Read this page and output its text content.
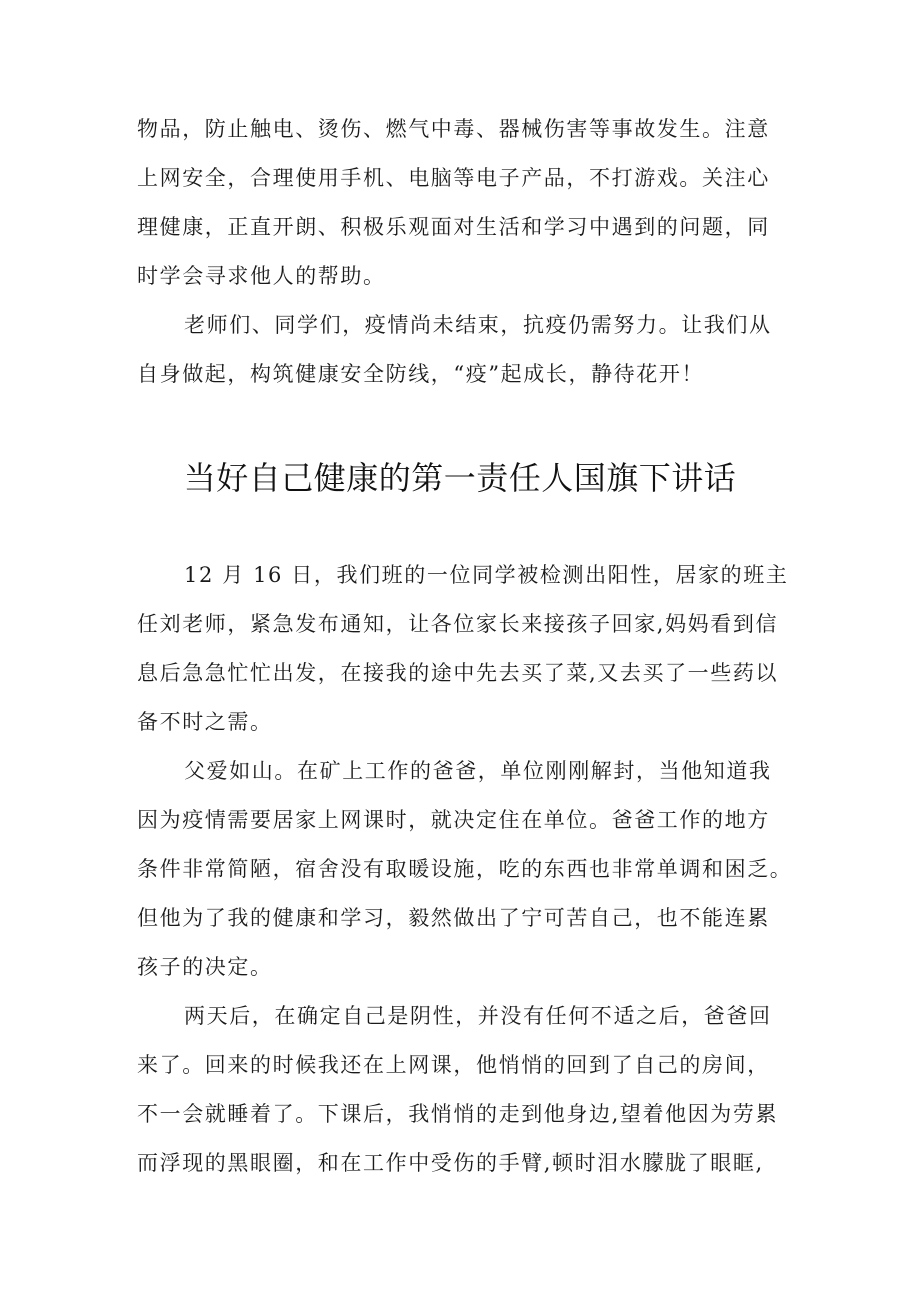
物品，防止触电、烫伤、燃气中毒、器械伤害等事故发生。注意
上网安全，合理使用手机、电脑等电子产品，不打游戏。关注心
理健康，正直开朗、积极乐观面对生活和学习中遇到的问题，同
时学会寻求他人的帮助。
老师们、同学们，疫情尚未结束，抗疫仍需努力。让我们从
自身做起，构筑健康安全防线，“疫”起成长，静待花开！
当好自己健康的第一责任人国旗下讲话
12 月 16 日，我们班的一位同学被检测出阳性，居家的班主
任刘老师，紧急发布通知，让各位家长来接孩子回家,妈妈看到信
息后急急忙忙出发，在接我的途中先去买了菜,又去买了一些药以
备不时之需。
父爱如山。在矿上工作的爸爸，单位刚刚解封，当他知道我
因为疫情需要居家上网课时，就决定住在单位。爸爸工作的地方
条件非常简陋，宿舍没有取暖设施，吃的东西也非常单调和困乏。
但他为了我的健康和学习，毅然做出了宁可苦自己，也不能连累
孩子的决定。
两天后，在确定自己是阴性，并没有任何不适之后，爸爸回
来了。回来的时候我还在上网课，他悄悄的回到了自己的房间，
不一会就睡着了。下课后，我悄悄的走到他身边,望着他因为劳累
而浮现的黑眼圈，和在工作中受伤的手臂,顿时泪水朦胧了眼眶,
